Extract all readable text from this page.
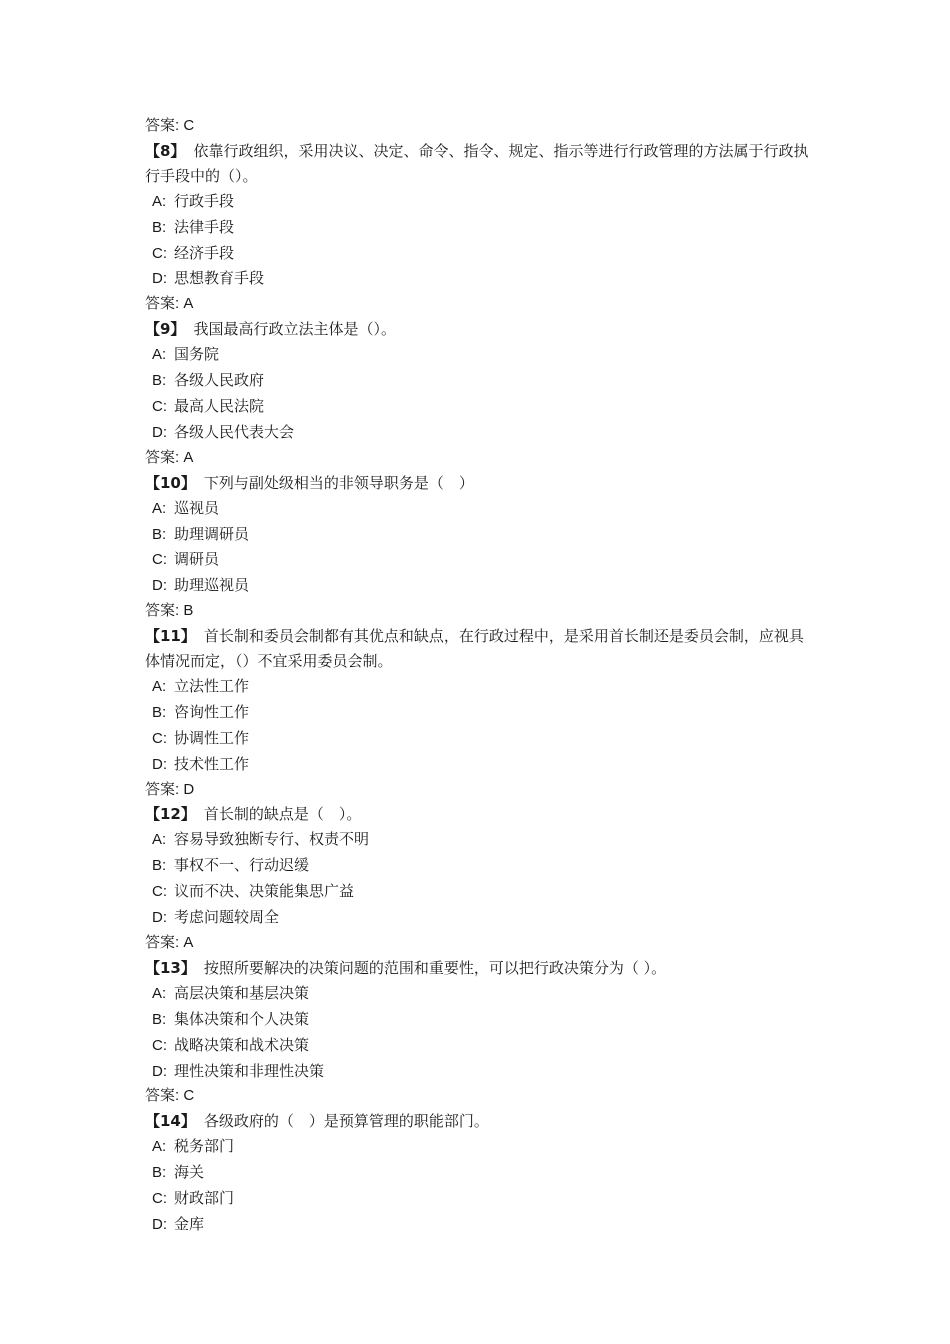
答案: C
【8】 依靠行政组织，采用决议、决定、命令、指令、规定、指示等进行行政管理的方法属于行政执行手段中的（）。
A: 行政手段
B: 法律手段
C: 经济手段
D: 思想教育手段
答案: A
【9】 我国最高行政立法主体是（）。
A: 国务院
B: 各级人民政府
C: 最高人民法院
D: 各级人民代表大会
答案: A
【10】 下列与副处级相当的非领导职务是（　）
A: 巡视员
B: 助理调研员
C: 调研员
D: 助理巡视员
答案: B
【11】 首长制和委员会制都有其优点和缺点，在行政过程中，是采用首长制还是委员会制，应视具体情况而定，（）不宜采用委员会制。
A: 立法性工作
B: 咨询性工作
C: 协调性工作
D: 技术性工作
答案: D
【12】 首长制的缺点是（　）。
A: 容易导致独断专行、权责不明
B: 事权不一、行动迟缓
C: 议而不决、决策能集思广益
D: 考虑问题较周全
答案: A
【13】 按照所要解决的决策问题的范围和重要性，可以把行政决策分为（ ）。
A: 高层决策和基层决策
B: 集体决策和个人决策
C: 战略决策和战术决策
D: 理性决策和非理性决策
答案: C
【14】 各级政府的（　）是预算管理的职能部门。
A: 税务部门
B: 海关
C: 财政部门
D: 金库
